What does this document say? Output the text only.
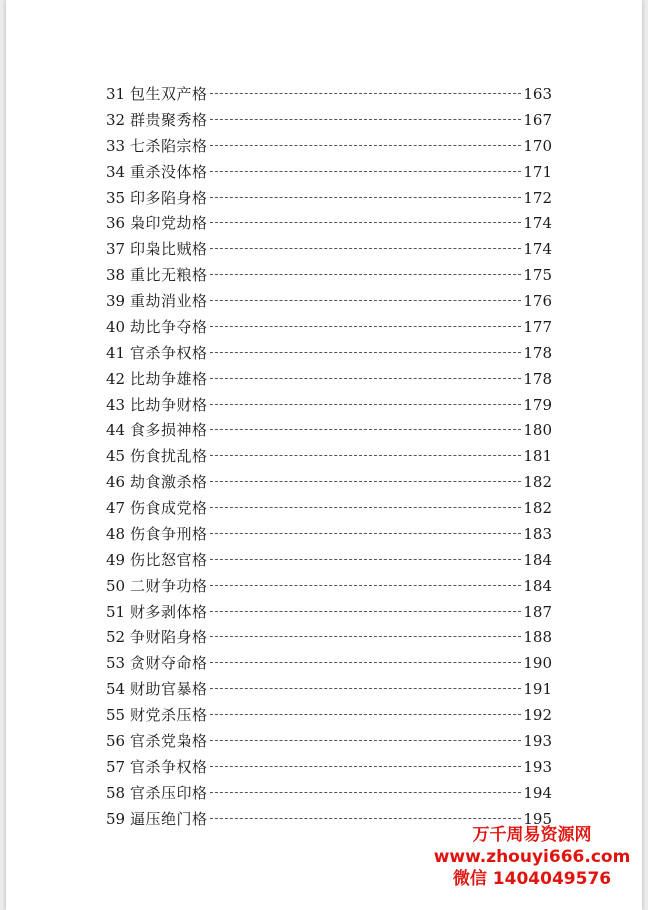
31 包生双产格	163
32 群贵聚秀格	167
33 七杀陷宗格	170
34 重杀没体格	171
35 印多陷身格	172
36 枭印党劫格	174
37 印枭比贼格	174
38 重比无粮格	175
39 重劫消业格	176
40 劫比争夺格	177
41 官杀争权格	178
42 比劫争雄格	178
43 比劫争财格	179
44 食多损神格	180
45 伤食扰乱格	181
46 劫食激杀格	182
47 伤食成党格	182
48 伤食争刑格	183
49 伤比怒官格	184
50 二财争功格	184
51 财多剥体格	187
52 争财陷身格	188
53 贪财夺命格	190
54 财助官暴格	191
55 财党杀压格	192
56 官杀党枭格	193
57 官杀争权格	193
58 官杀压印格	194
59 逼压绝门格	195
万千周易资源网
www.zhouyi666.com
微信 1404049576
